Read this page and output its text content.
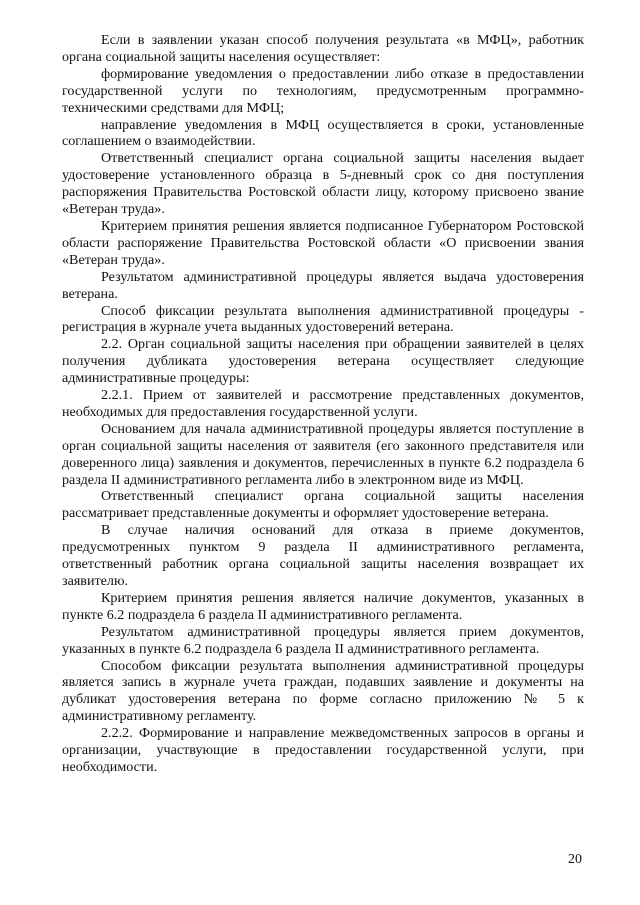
Если в заявлении указан способ получения результата «в МФЦ», работник органа социальной защиты населения осуществляет:

формирование уведомления о предоставлении либо отказе в предоставлении государственной услуги по технологиям, предусмотренным программно-техническими средствами для МФЦ;

направление уведомления в МФЦ осуществляется в сроки, установленные соглашением о взаимодействии.

Ответственный специалист органа социальной защиты населения выдает удостоверение установленного образца в 5-дневный срок со дня поступления распоряжения Правительства Ростовской области лицу, которому присвоено звание «Ветеран труда».

Критерием принятия решения является подписанное Губернатором Ростовской области распоряжение Правительства Ростовской области «О присвоении звания «Ветеран труда».

Результатом административной процедуры является выдача удостоверения ветерана.

Способ фиксации результата выполнения административной процедуры - регистрация в журнале учета выданных удостоверений ветерана.

2.2. Орган социальной защиты населения при обращении заявителей в целях получения дубликата удостоверения ветерана осуществляет следующие административные процедуры:

2.2.1. Прием от заявителей и рассмотрение представленных документов, необходимых для предоставления государственной услуги.

Основанием для начала административной процедуры является поступление в орган социальной защиты населения от заявителя (его законного представителя или доверенного лица) заявления и документов, перечисленных в пункте 6.2 подраздела 6 раздела II административного регламента либо в электронном виде из МФЦ.

Ответственный специалист органа социальной защиты населения рассматривает представленные документы и оформляет удостоверение ветерана.

В случае наличия оснований для отказа в приеме документов, предусмотренных пунктом 9 раздела II административного регламента, ответственный работник органа социальной защиты населения возвращает их заявителю.

Критерием принятия решения является наличие документов, указанных в пункте 6.2 подраздела 6 раздела II административного регламента.

Результатом административной процедуры является прием документов, указанных в пункте 6.2 подраздела 6 раздела II административного регламента.

Способом фиксации результата выполнения административной процедуры является запись в журнале учета граждан, подавших заявление и документы на дубликат удостоверения ветерана по форме согласно приложению № 5 к административному регламенту.

2.2.2. Формирование и направление межведомственных запросов в органы и организации, участвующие в предоставлении государственной услуги, при необходимости.

20
